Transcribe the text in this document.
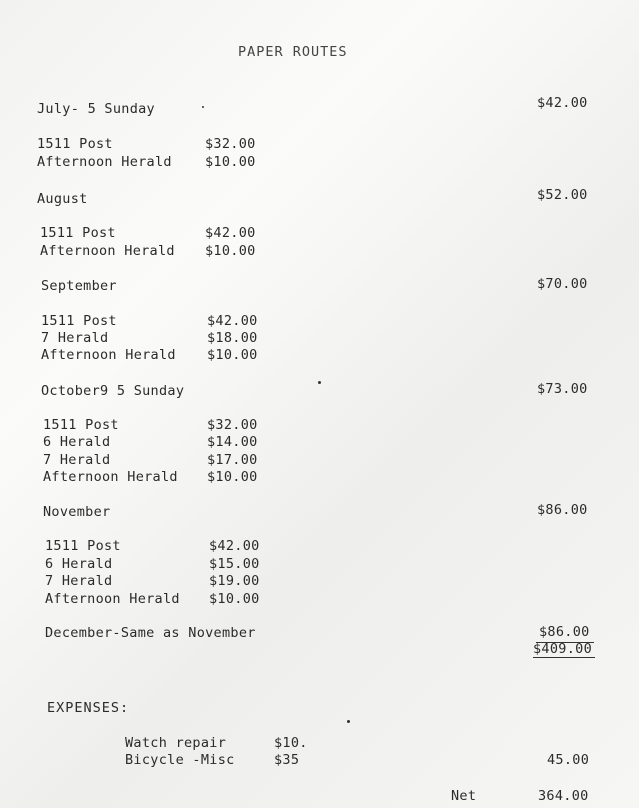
PAPER ROUTES
July- 5 Sunday	$42.00
1511 Post	$32.00
Afternoon Herald $10.00
August	$52.00
1511 Post	$42.00
Afternoon Herald $10.00
September	$70.00
1511 Post	$42.00
7 Herald	$18.00
Afternoon Herald $10.00
October9 5 Sunday	$73.00
1511 Post	$32.00
6 Herald	$14.00
7 Herald	$17.00
Afternoon Herald $10.00
November	$86.00
1511 Post	$42.00
6 Herald	$15.00
7 Herald	$19.00
Afternoon Herald $10.00
December-Same as November	$86.00
$409.00
EXPENSES:
Watch repair	$10.
Bicycle -Misc	$35	45.00
Net	364.00
